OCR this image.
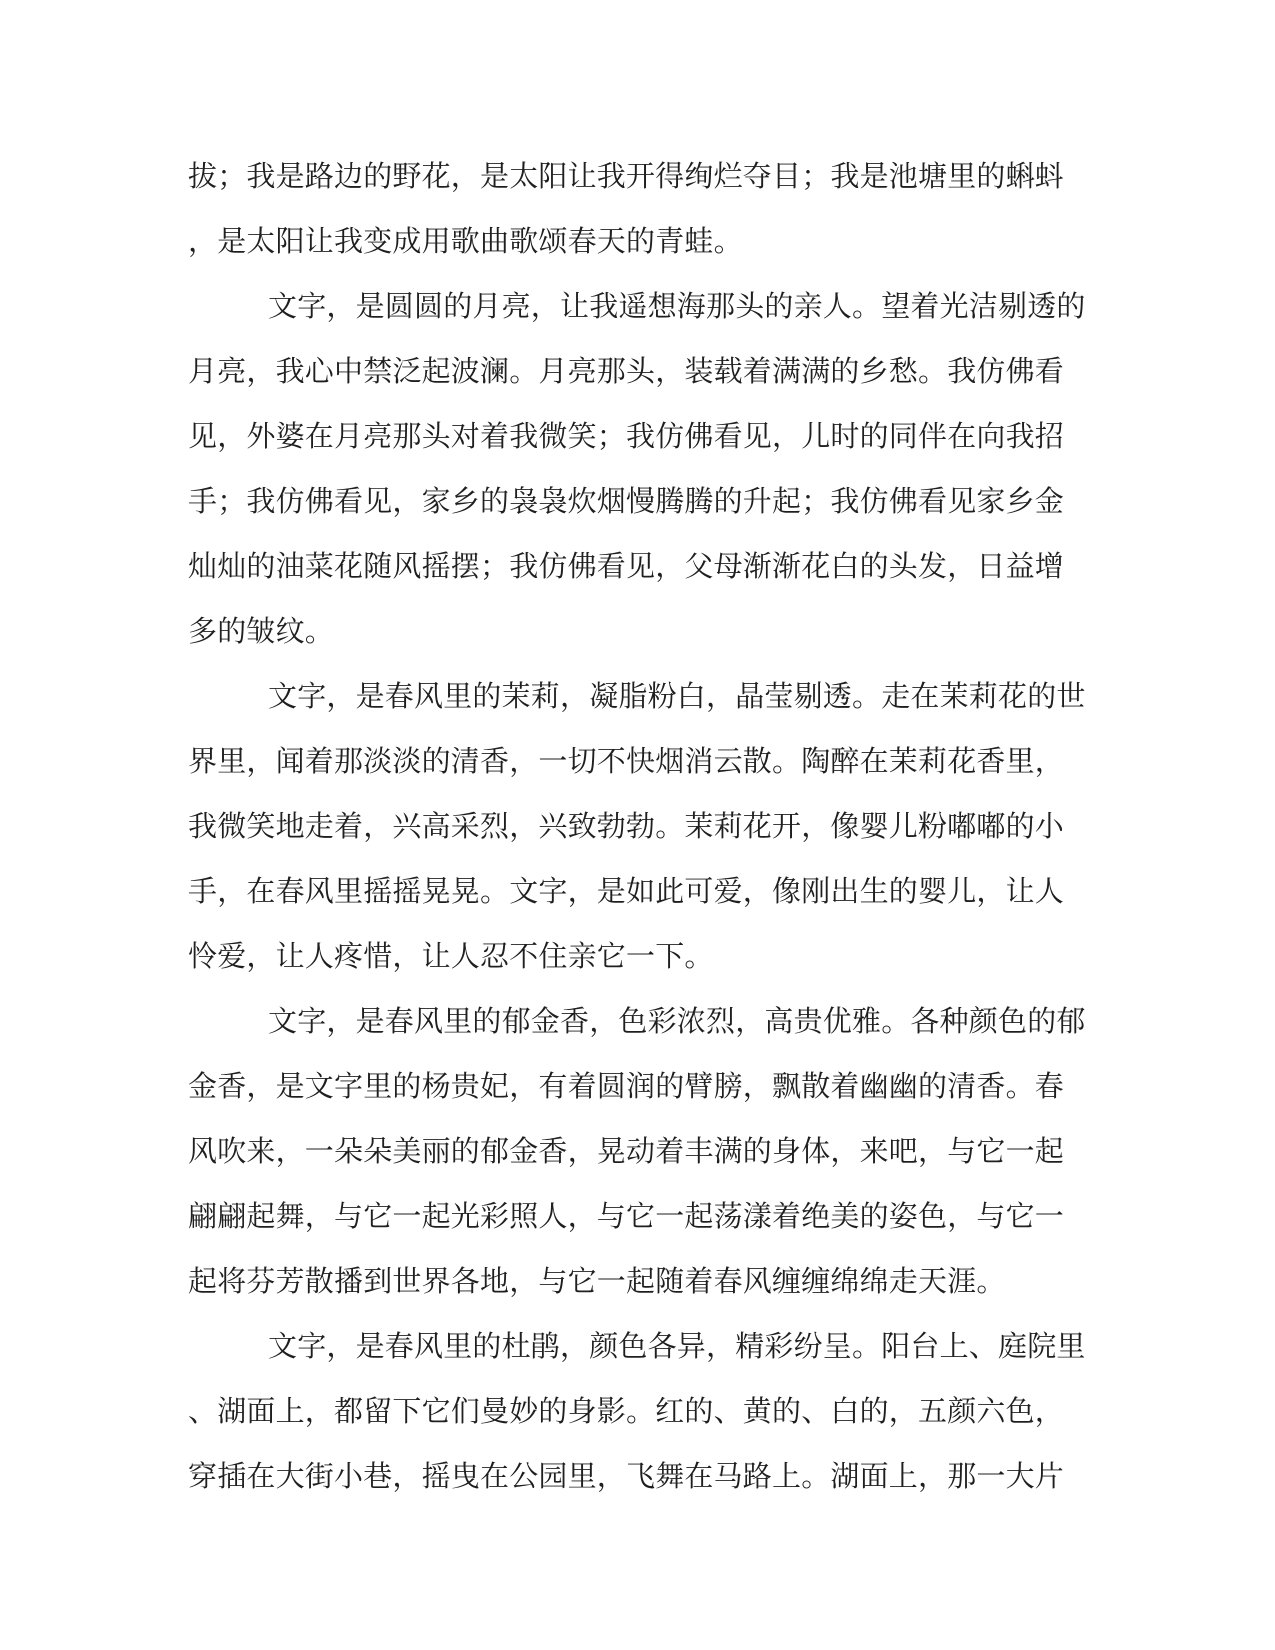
拔；我是路边的野花，是太阳让我开得绚烂夺目；我是池塘里的蝌蚪
，是太阳让我变成用歌曲歌颂春天的青蛙。
文字，是圆圆的月亮，让我遥想海那头的亲人。望着光洁剔透的
月亮，我心中禁泛起波澜。月亮那头，装载着满满的乡愁。我仿佛看
见，外婆在月亮那头对着我微笑；我仿佛看见，儿时的同伴在向我招
手；我仿佛看见，家乡的袅袅炊烟慢腾腾的升起；我仿佛看见家乡金
灿灿的油菜花随风摇摆；我仿佛看见，父母渐渐花白的头发，日益增
多的皱纹。
文字，是春风里的茉莉，凝脂粉白，晶莹剔透。走在茉莉花的世
界里，闻着那淡淡的清香，一切不快烟消云散。陶醉在茉莉花香里，
我微笑地走着，兴高采烈，兴致勃勃。茉莉花开，像婴儿粉嘟嘟的小
手，在春风里摇摇晃晃。文字，是如此可爱，像刚出生的婴儿，让人
怜爱，让人疼惜，让人忍不住亲它一下。
文字，是春风里的郁金香，色彩浓烈，高贵优雅。各种颜色的郁
金香，是文字里的杨贵妃，有着圆润的臂膀，飘散着幽幽的清香。春
风吹来，一朵朵美丽的郁金香，晃动着丰满的身体，来吧，与它一起
翩翩起舞，与它一起光彩照人，与它一起荡漾着绝美的姿色，与它一
起将芬芳散播到世界各地，与它一起随着春风缠缠绵绵走天涯。
文字，是春风里的杜鹃，颜色各异，精彩纷呈。阳台上、庭院里
、湖面上，都留下它们曼妙的身影。红的、黄的、白的，五颜六色，
穿插在大街小巷，摇曳在公园里，飞舞在马路上。湖面上，那一大片
